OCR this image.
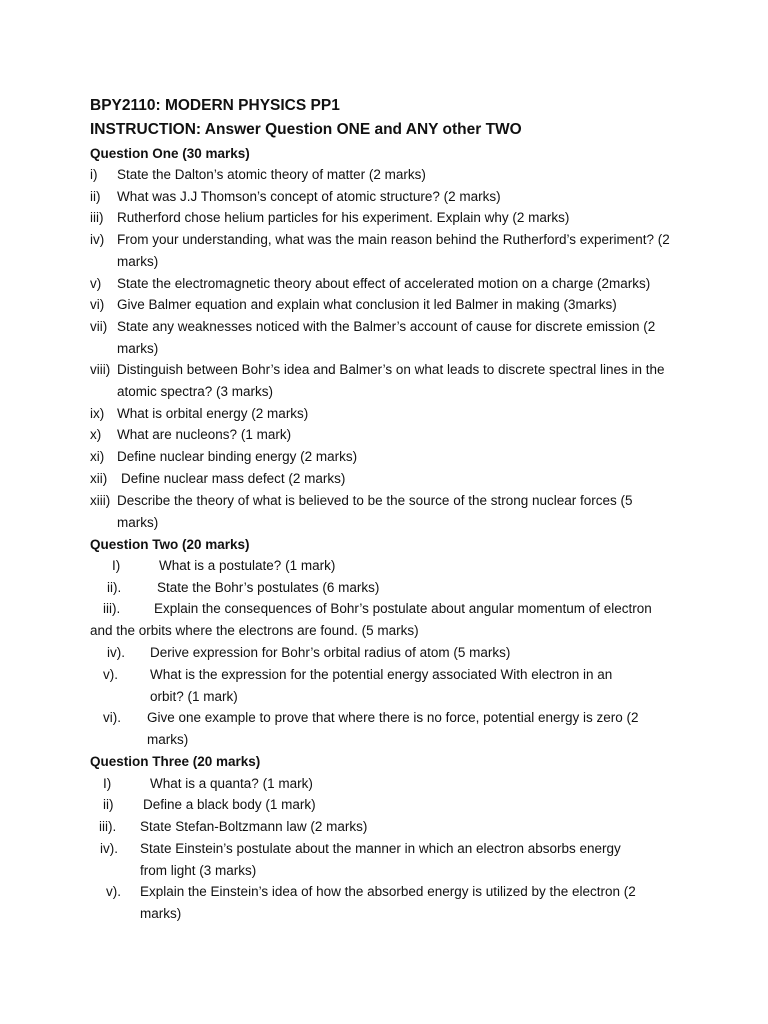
BPY2110: MODERN PHYSICS PP1
INSTRUCTION: Answer Question ONE and ANY other TWO
Question One (30 marks)
i) State the Dalton’s atomic theory of matter (2 marks)
ii) What was J.J Thomson’s concept of atomic structure? (2 marks)
iii) Rutherford chose helium particles for his experiment. Explain why (2 marks)
iv) From your understanding, what was the main reason behind the Rutherford’s experiment? (2 marks)
v) State the electromagnetic theory about effect of accelerated motion on a charge (2marks)
vi) Give Balmer equation and explain what conclusion it led Balmer in making (3marks)
vii) State any weaknesses noticed with the Balmer’s account of cause for discrete emission (2 marks)
viii) Distinguish between Bohr’s idea and Balmer’s on what leads to discrete spectral lines in the atomic spectra? (3 marks)
ix) What is orbital energy (2 marks)
x) What are nucleons? (1 mark)
xi) Define nuclear binding energy (2 marks)
xii) Define nuclear mass defect (2 marks)
xiii) Describe the theory of what is believed to be the source of the strong nuclear forces (5 marks)
Question Two (20 marks)
I)	What is a postulate? (1 mark)
ii).	State the Bohr’s postulates (6 marks)
iii).	Explain the consequences of Bohr’s postulate about angular momentum of electron
and the orbits where the electrons are found. (5 marks)
iv). Derive expression for Bohr’s orbital radius of atom (5 marks)
v). What is the expression for the potential energy associated With electron in an orbit? (1 mark)
vi). Give one example to prove that where there is no force, potential energy is zero (2 marks)
Question Three (20 marks)
I)	What is a quanta? (1 mark)
ii) Define a black body (1 mark)
iii). State Stefan-Boltzmann law (2 marks)
iv). State Einstein’s postulate about the manner in which an electron absorbs energy from light (3 marks)
v). Explain the Einstein’s idea of how the absorbed energy is utilized by the electron (2 marks)
